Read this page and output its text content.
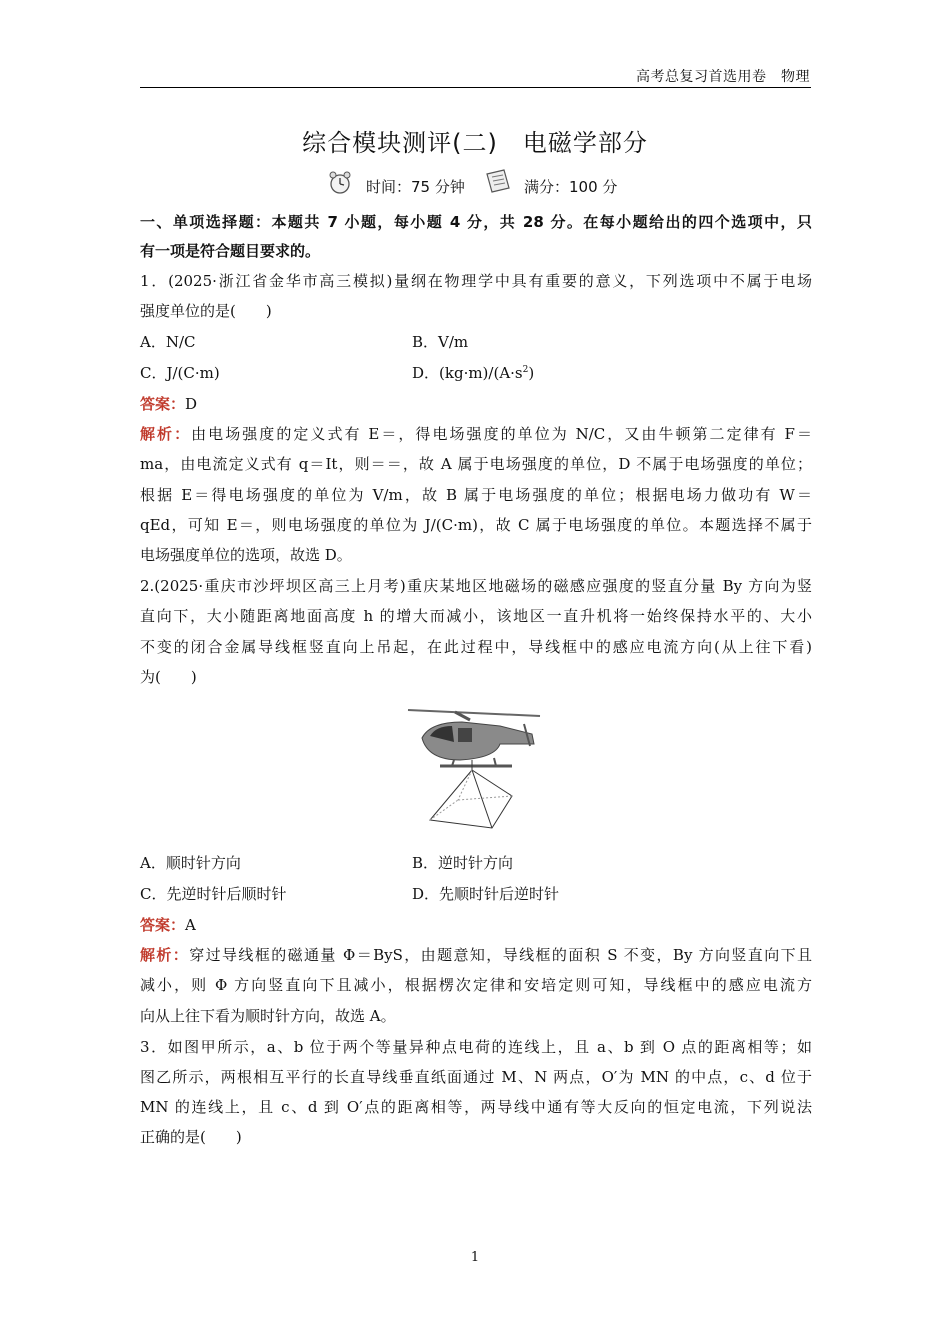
高考总复习首选用卷　物理
综合模块测评(二)　电磁学部分
时间：75 分钟	满分：100 分
一、单项选择题：本题共 7 小题，每小题 4 分，共 28 分。在每小题给出的四个选项中，只
有一项是符合题目要求的。
1．(2025·浙江省金华市高三模拟)量纲在物理学中具有重要的意义，下列选项中不属于电场
强度单位的是(　　)
A．N/C	B．V/m
C．J/(C·m)	D．$(kg\cdot m)/(A\cdot s^2)$
答案：D
解析：由电场强度的定义式有 E＝，得电场强度的单位为 N/C，又由牛顿第二定律有 F＝
ma，由电流定义式有 q＝It，则＝＝，故 A 属于电场强度的单位，D 不属于电场强度的单位；
根据 E＝得电场强度的单位为 V/m，故 B 属于电场强度的单位；根据电场力做功有 W＝
qEd，可知 E＝，则电场强度的单位为 J/(C·m)，故 C 属于电场强度的单位。本题选择不属于
电场强度单位的选项，故选 D。
2.(2025·重庆市沙坪坝区高三上月考)重庆某地区地磁场的磁感应强度的竖直分量 By 方向为竖
直向下，大小随距离地面高度 h 的增大而减小，该地区一直升机将一始终保持水平的、大小
不变的闭合金属导线框竖直向上吊起，在此过程中，导线框中的感应电流方向(从上往下看)
为(　　)
A．顺时针方向	B．逆时针方向
C．先逆时针后顺时针	D．先顺时针后逆时针
答案：A
解析：穿过导线框的磁通量 Φ＝ByS，由题意知，导线框的面积 S 不变，By 方向竖直向下且
减小，则 Φ 方向竖直向下且减小，根据楞次定律和安培定则可知，导线框中的感应电流方
向从上往下看为顺时针方向，故选 A。
3．如图甲所示，a、b 位于两个等量异种点电荷的连线上，且 a、b 到 O 点的距离相等；如
图乙所示，两根相互平行的长直导线垂直纸面通过 M、N 两点，O′为 MN 的中点，c、d 位于
MN 的连线上，且 c、d 到 O′点的距离相等，两导线中通有等大反向的恒定电流，下列说法
正确的是(　　)
1
